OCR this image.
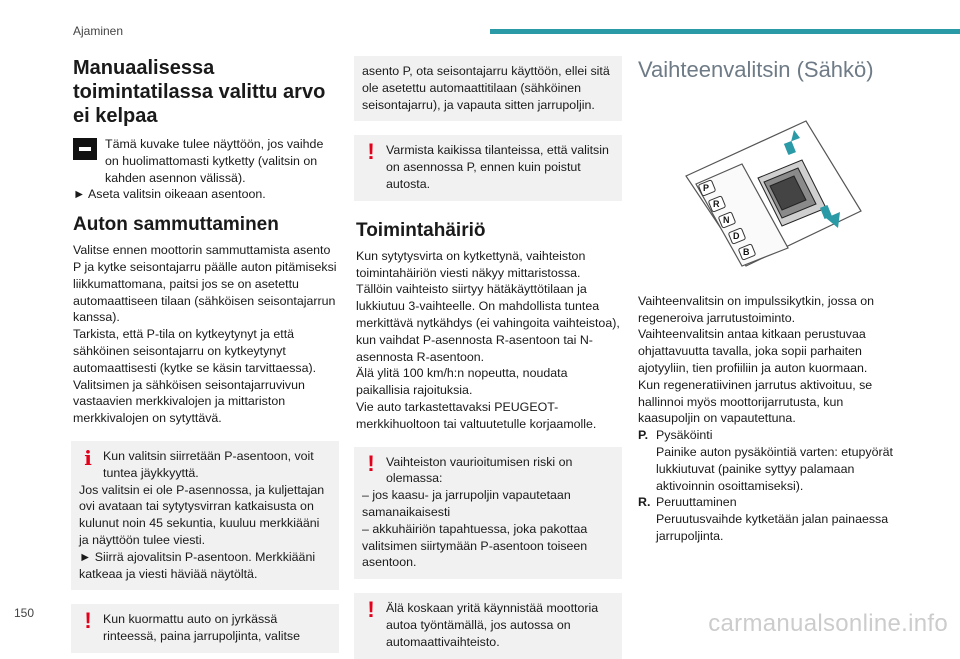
Ajaminen
Manuaalisessa toimintatilassa valittu arvo ei kelpaa
Tämä kuvake tulee näyttöön, jos vaihde on huolimattomasti kytketty (valitsin on kahden asennon välissä).

► Aseta valitsin oikeaan asentoon.

Auton sammuttaminen

Valitse ennen moottorin sammuttamista asento

P ja kytke seisontajarru päälle auton pitämiseksi liikkumattomana, paitsi jos se on asetettu automaattiseen tilaan (sähköisen seisontajarrun kanssa).

Tarkista, että P-tila on kytkeytynyt ja että sähköinen seisontajarru on kytkeytynyt automaattisesti (kytke se käsin tarvittaessa).

Valitsimen ja sähköisen seisontajarruvivun vastaavien merkkivalojen ja mittariston merkkivalojen on sytyttävä.

i Kun valitsin siirretään P-asentoon, voit tuntea jäykkyyttä.

Jos valitsin ei ole P-asennossa, ja kuljettajan ovi avataan tai sytytysvirran katkaisusta on kulunut noin 45 sekuntia, kuuluu merkkiääni ja näyttöön tulee viesti.

► Siirrä ajovalitsin P-asentoon. Merkkiääni katkeaa ja viesti häviää näytöltä.

! Kun kuormattu auto on jyrkässä rinteessä, paina jarrupoljinta, valitse

asento P, ota seisontajarru käyttöön, ellei sitä ole asetettu automaattitilaan (sähköinen seisontajarru), ja vapauta sitten jarrupoljin.

! Varmista kaikissa tilanteissa, että valitsin on asennossa P, ennen kuin poistut autosta.
Toimintahäiriö

Kun sytytysvirta on kytkettynä, vaihteiston toimintahäiriön viesti näkyy mittaristossa.

Tällöin vaihteisto siirtyy hätäkäyttötilaan ja lukkiutuu 3-vaihteelle. On mahdollista tuntea merkittävä nytkähdys (ei vahingoita vaihteistoa), kun vaihdat P-asennosta R-asentoon tai N-asennosta R-asentoon.

Älä ylitä 100 km/h:n nopeutta, noudata paikallisia rajoituksia.

Vie auto tarkastettavaksi PEUGEOT-merkkihuoltoon tai valtuutetulle korjaamolle.

! Vaihteiston vaurioitumisen riski on olemassa:

– jos kaasu- ja jarrupoljin vapautetaan samanaikaisesti

– akkuhäiriön tapahtuessa, joka pakottaa valitsimen siirtymään P-asentoon toiseen asentoon.

! Älä koskaan yritä käynnistää moottoria autoa työntämällä, jos autossa on automaattivaihteisto.
Vaihteenvalitsin (Sähkö)
P
R
N
D
B

Vaihteenvalitsin on impulssikytkin, jossa on regeneroiva jarrutustoiminto.

Vaihteenvalitsin antaa kitkaan perustuvaa ohjattavuutta tavalla, joka sopii parhaiten ajotyyliin, tien profiiliin ja auton kuormaan.

Kun regeneratiivinen jarrutus aktivoituu, se hallinnoi myös moottorijarrutusta, kun kaasupoljin on vapautettuna.

P. Pysäköinti

Painike auton pysäköintiä varten: etupyörät lukkiutuvat (painike syttyy palamaan aktivoinnin osoittamiseksi).

R. Peruuttaminen

Peruutusvaihde kytketään jalan painaessa jarrupoljinta.

150	carmanualsonline.info
